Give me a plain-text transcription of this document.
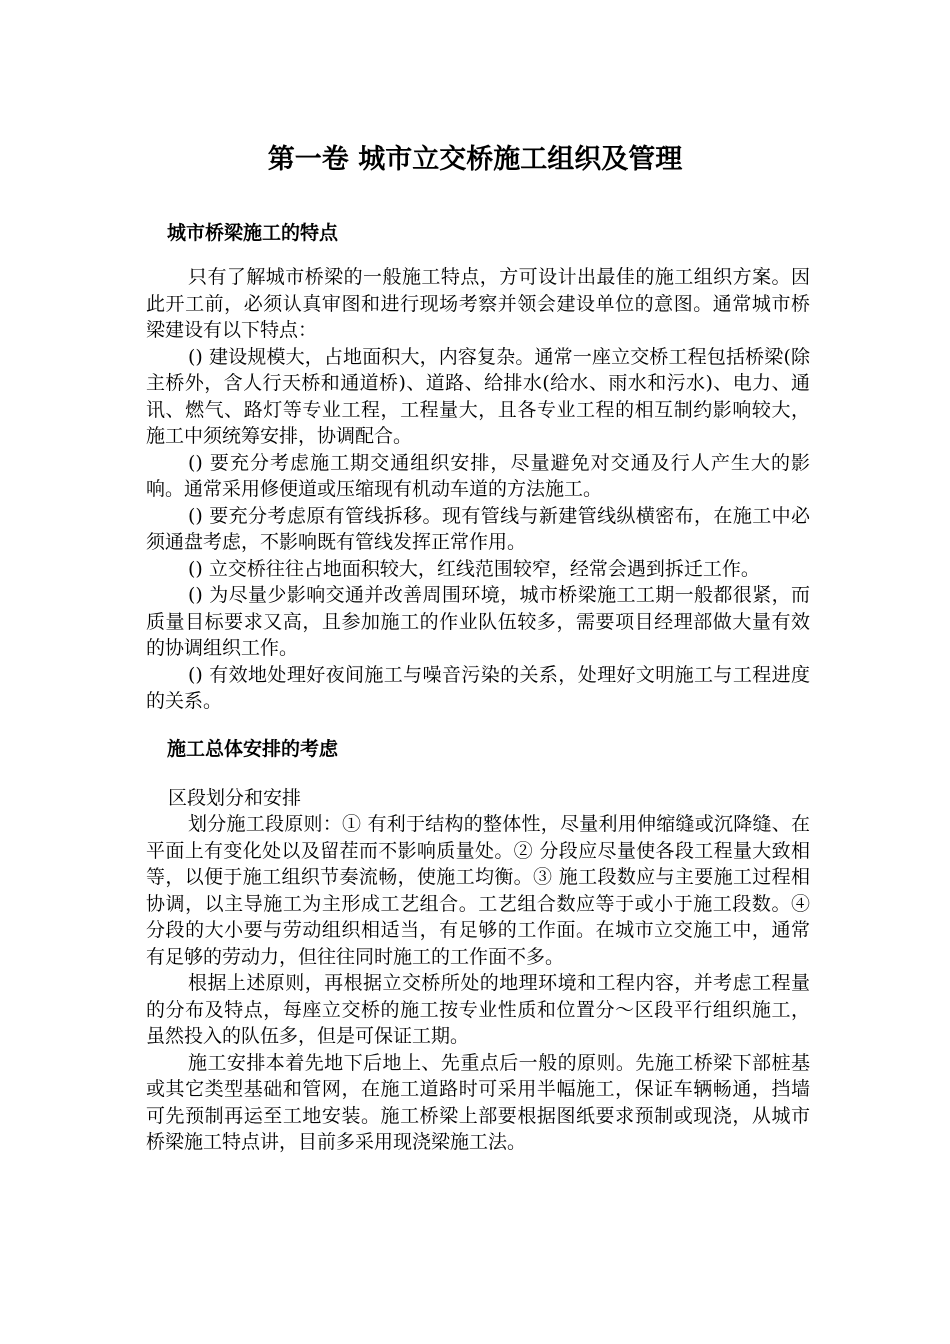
第一卷 城市立交桥施工组织及管理
城市桥梁施工的特点

只有了解城市桥梁的一般施工特点，方可设计出最佳的施工组织方案。因此开工前，必须认真审图和进行现场考察并领会建设单位的意图。通常城市桥梁建设有以下特点：

() 建设规模大，占地面积大，内容复杂。通常一座立交桥工程包括桥梁(除主桥外，含人行天桥和通道桥)、道路、给排水(给水、雨水和污水)、电力、通讯、燃气、路灯等专业工程，工程量大，且各专业工程的相互制约影响较大，施工中须统筹安排，协调配合。

() 要充分考虑施工期交通组织安排，尽量避免对交通及行人产生大的影响。通常采用修便道或压缩现有机动车道的方法施工。

() 要充分考虑原有管线拆移。现有管线与新建管线纵横密布，在施工中必须通盘考虑，不影响既有管线发挥正常作用。

() 立交桥往往占地面积较大，红线范围较窄，经常会遇到拆迁工作。

() 为尽量少影响交通并改善周围环境，城市桥梁施工工期一般都很紧，而质量目标要求又高，且参加施工的作业队伍较多，需要项目经理部做大量有效的协调组织工作。

() 有效地处理好夜间施工与噪音污染的关系，处理好文明施工与工程进度的关系。

施工总体安排的考虑
区段划分和安排

划分施工段原则：① 有利于结构的整体性，尽量利用伸缩缝或沉降缝、在平面上有变化处以及留茬而不影响质量处。② 分段应尽量使各段工程量大致相等，以便于施工组织节奏流畅，使施工均衡。③ 施工段数应与主要施工过程相协调，以主导施工为主形成工艺组合。工艺组合数应等于或小于施工段数。④ 分段的大小要与劳动组织相适当，有足够的工作面。在城市立交施工中，通常有足够的劳动力，但往往同时施工的工作面不多。

根据上述原则，再根据立交桥所处的地理环境和工程内容，并考虑工程量的分布及特点，每座立交桥的施工按专业性质和位置分～区段平行组织施工，虽然投入的队伍多，但是可保证工期。

施工安排本着先地下后地上、先重点后一般的原则。先施工桥梁下部桩基或其它类型基础和管网，在施工道路时可采用半幅施工，保证车辆畅通，挡墙可先预制再运至工地安装。施工桥梁上部要根据图纸要求预制或现浇，从城市桥梁施工特点讲，目前多采用现浇梁施工法。
